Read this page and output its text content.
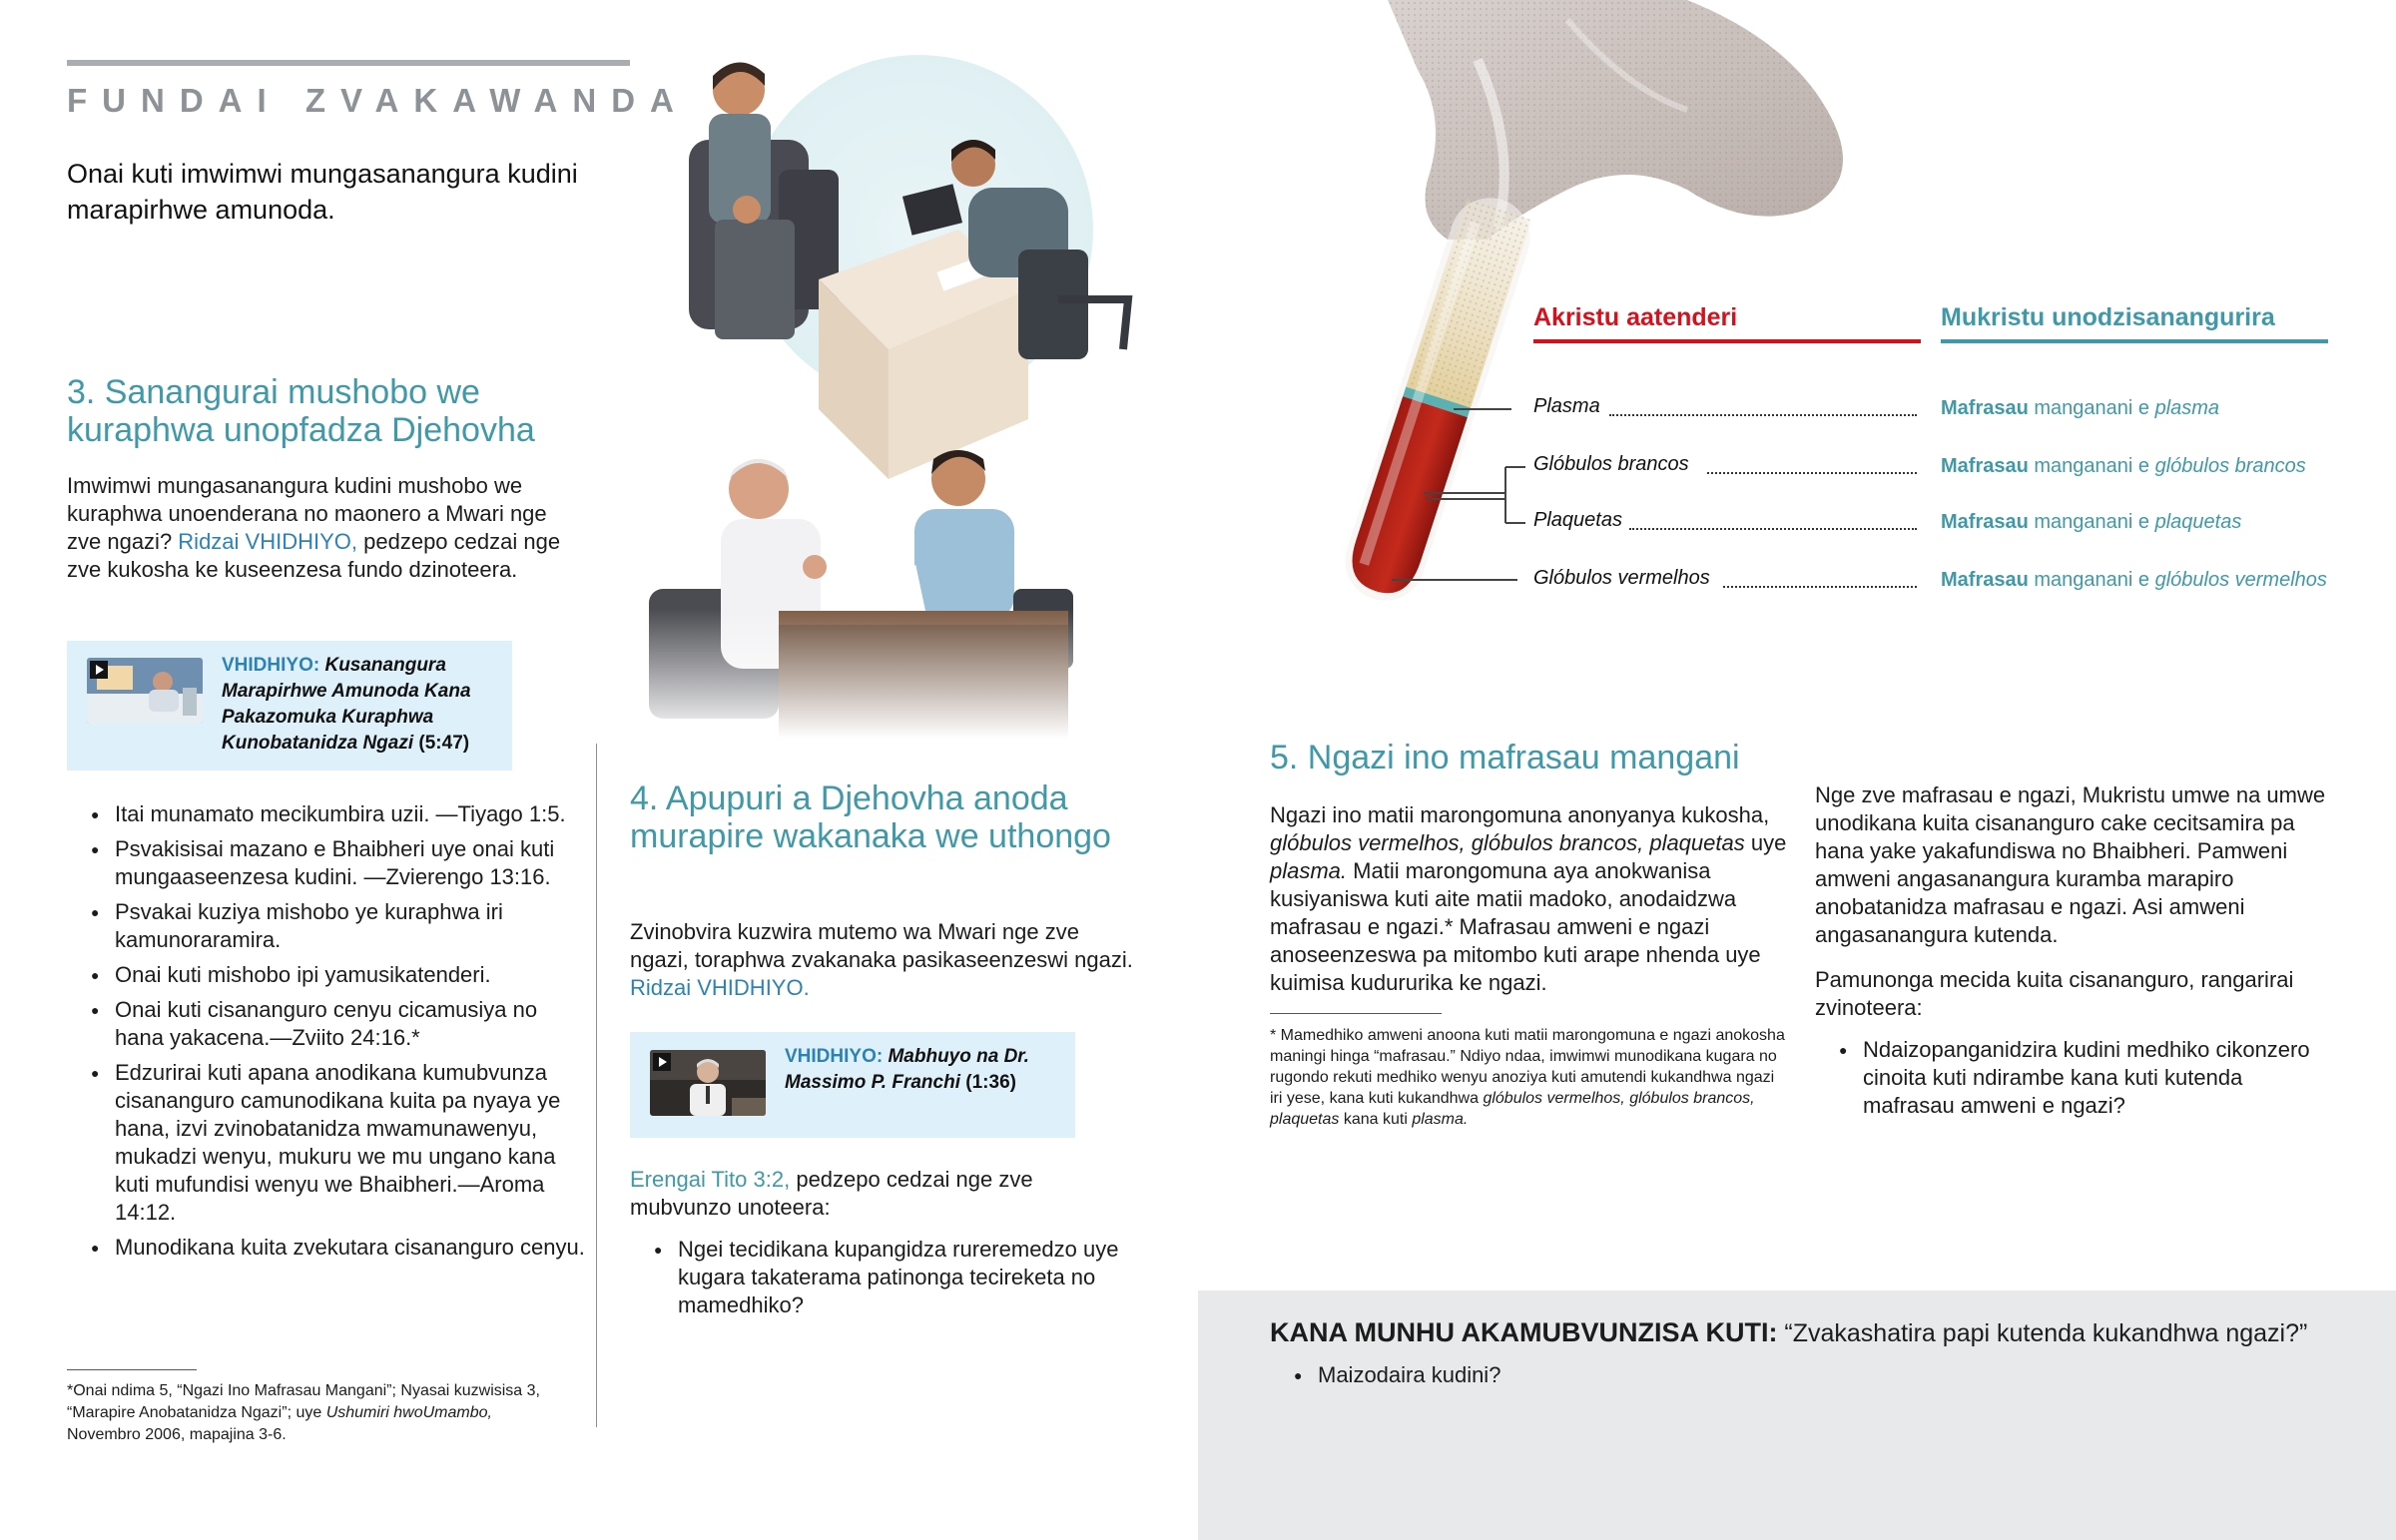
FUNDAI ZVAKAWANDA

Onai kuti imwimwi mungasanangura kudini marapirhwe amunoda.

3. Sanangurai mushobo we kuraphwa unopfadza Djehovha

Imwimwi mungasanangura kudini mushobo we kuraphwa unoenderana no maonero a Mwari nge zve ngazi? Ridzai VHIDHIYO, pedzepo cedzai nge zve kukosha ke kuseenzesa fundo dzinoteera.

VHIDHIYO: Kusanangura Marapirhwe Amunoda Kana Pakazomuka Kuraphwa Kunobatanidza Ngazi (5:47)
● Itai munamato mecikumbira uzii. —Tiyago 1:5.
● Psvakisisai mazano e Bhaibheri uye onai kuti mungaaseenzesa kudini. —Zvierengo 13:16.
● Psvakai kuziya mishobo ye kuraphwa iri kamunoraramira.
● Onai kuti mishobo ipi yamusikatenderi.
● Onai kuti cisananguro cenyu cicamusiya no hana yakacena.—Zviito 24:16.*
● Edzurirai kuti apana anodikana kumubvunza cisananguro camunodikana kuita pa nyaya ye hana, izvi zvinobatanidza mwamunawenyu, mukadzi wenyu, mukuru we mu ungano kana kuti mufundisi wenyu we Bhaibheri.—Aroma 14:12.
● Munodikana kuita zvekutara cisananguro cenyu.

*Onai ndima 5, “Ngazi Ino Mafrasau Mangani”; Nyasai kuzwisisa 3, “Marapire Anobatanidza Ngazi”; uye Ushumiri hwoUmambo, Novembro 2006, mapajina 3-6.

4. Apupuri a Djehovha anoda murapire wakanaka we uthongo

Zvinobvira kuzwira mutemo wa Mwari nge zve ngazi, toraphwa zvakanaka pasikaseenzeswi ngazi. Ridzai VHIDHIYO.

VHIDHIYO: Mabhuyo na Dr. Massimo P. Franchi (1:36)

Erengai Tito 3:2, pedzepo cedzai nge zve mubvunzo unoteera:

● Ngei tecidikana kupangidza rureremedzo uye kugara takaterama patinonga tecireketa no mamedhiko?
Akristu aatenderi	Mukristu unodzisanangurira
Plasma	Mafrasau manganani e plasma
Glóbulos brancos	Mafrasau manganani e glóbulos brancos
Plaquetas	Mafrasau manganani e plaquetas
Glóbulos vermelhos	Mafrasau manganani e glóbulos vermelhos
5. Ngazi ino mafrasau mangani

Ngazi ino matii marongomuna anonyanya kukosha, glóbulos vermelhos, glóbulos brancos, plaquetas uye plasma. Matii marongomuna aya anokwanisa kusiyaniswa kuti aite matii madoko, anodaidzwa mafrasau e ngazi.* Mafrasau amweni e ngazi anoseenzeswa pa mitombo kuti arape nhenda uye kuimisa kudururika ke ngazi.

* Mamedhiko amweni anoona kuti matii marongomuna e ngazi anokosha maningi hinga “mafrasau.” Ndiyo ndaa, imwimwi munodikana kugara no rugondo rekuti medhiko wenyu anoziya kuti amutendi kukandhwa ngazi iri yese, kana kuti kukandhwa glóbulos vermelhos, glóbulos brancos, plaquetas kana kuti plasma.

Nge zve mafrasau e ngazi, Mukristu umwe na umwe unodikana kuita cisananguro cake cecitsamira pa hana yake yakafundiswa no Bhaibheri. Pamweni amweni angasanangura kuramba marapiro anobatanidza mafrasau e ngazi. Asi amweni angasanangura kutenda.

Pamunonga mecida kuita cisananguro, rangarirai zvinoteera:

● Ndaizopanganidzira kudini medhiko cikonzero cinoita kuti ndirambe kana kuti kutenda mafrasau amweni e ngazi?

KANA MUNHU AKAMUBVUNZISA KUTI: “Zvakashatira papi kutenda kukandhwa ngazi?”

● Maizodaira kudini?
